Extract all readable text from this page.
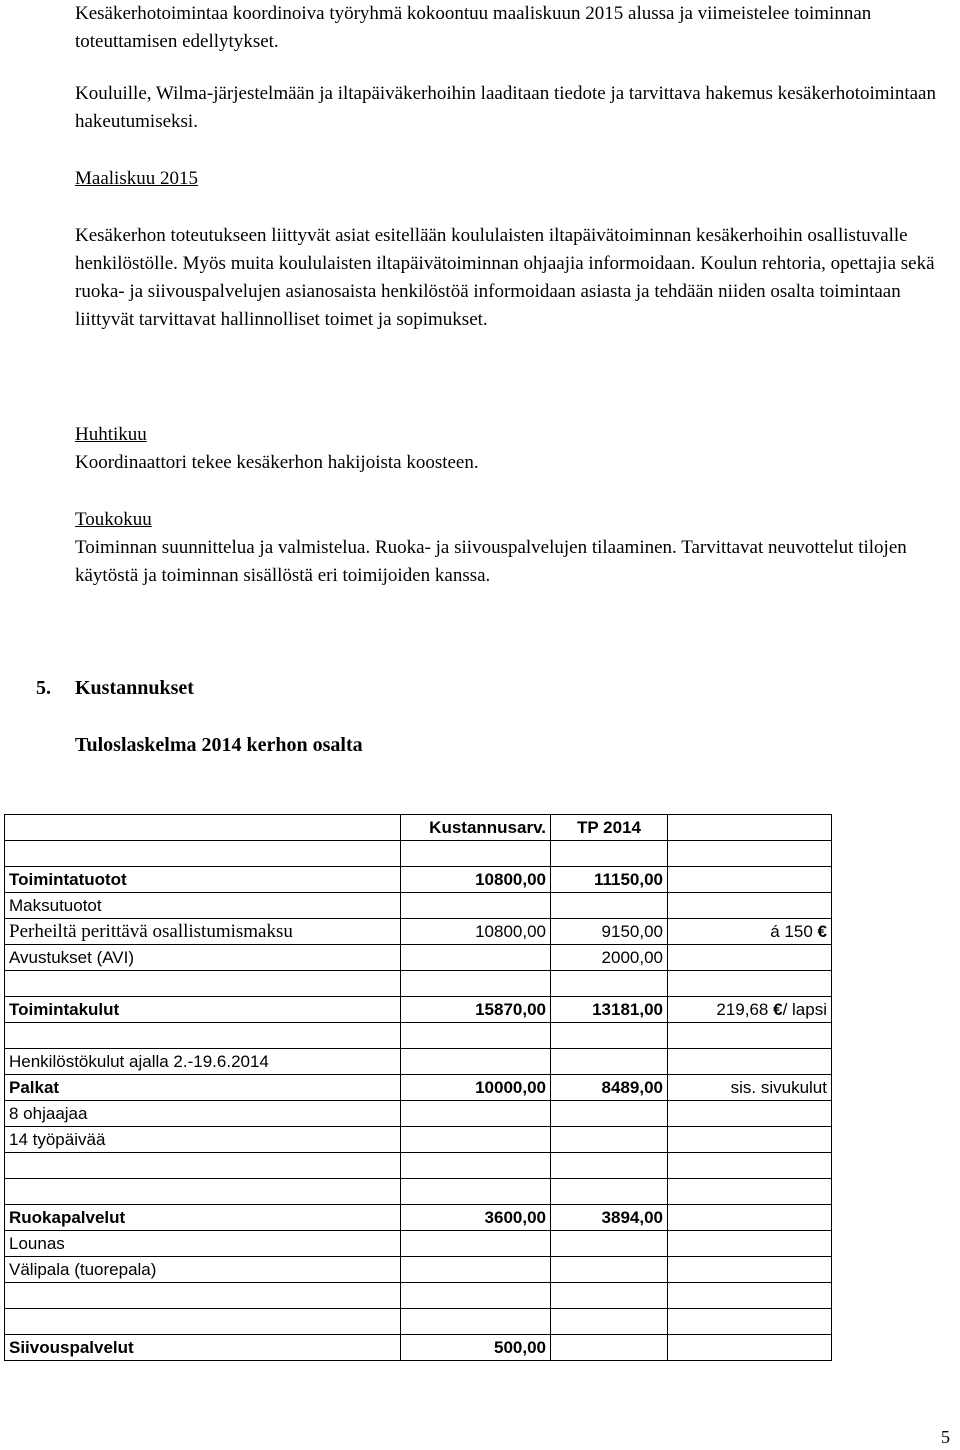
Kesäkerhotoimintaa koordinoiva työryhmä kokoontuu maaliskuun 2015 alussa ja viimeistelee toiminnan toteuttamisen edellytykset.

Kouluille, Wilma-järjestelmään ja iltapäiväkerhoihin laaditaan tiedote ja tarvittava hakemus kesäkerhotoimintaan hakeutumiseksi.

Maaliskuu 2015

Kesäkerhon toteutukseen liittyvät asiat esitellään koululaisten iltapäivätoiminnan kesäkerhoihin osallistuvalle henkilöstölle. Myös muita koululaisten iltapäivätoiminnan ohjaajia informoidaan. Koulun rehtoria, opettajia sekä ruoka- ja siivouspalvelujen asianosaista henkilöstöä informoidaan asiasta ja tehdään niiden osalta toimintaan liittyvät tarvittavat hallinnolliset toimet ja sopimukset.

Huhtikuu

Koordinaattori tekee kesäkerhon hakijoista koosteen.

Toukokuu

Toiminnan suunnittelua ja valmistelua. Ruoka- ja siivouspalvelujen tilaaminen. Tarvittavat neuvottelut tilojen käytöstä ja toiminnan sisällöstä eri toimijoiden kanssa.

5. Kustannukset
Tuloslaskelma 2014 kerhon osalta
	Kustannusarv.	TP 2014	

Toimintatuotot	10800,00	11150,00	
Maksutuotot			
Perheiltä perittävä osallistumismaksu	10800,00	9150,00	á 150 €
Avustukset (AVI)		2000,00	

Toimintakulut	15870,00	13181,00	219,68 €/ lapsi

Henkilöstökulut ajalla 2.-19.6.2014			
Palkat	10000,00	8489,00	sis. sivukulut
8 ohjaajaa			
14 työpäivää			

Ruokapalvelut	3600,00	3894,00	
Lounas			
Välipala (tuorepala)			

Siivouspalvelut	500,00		
5
